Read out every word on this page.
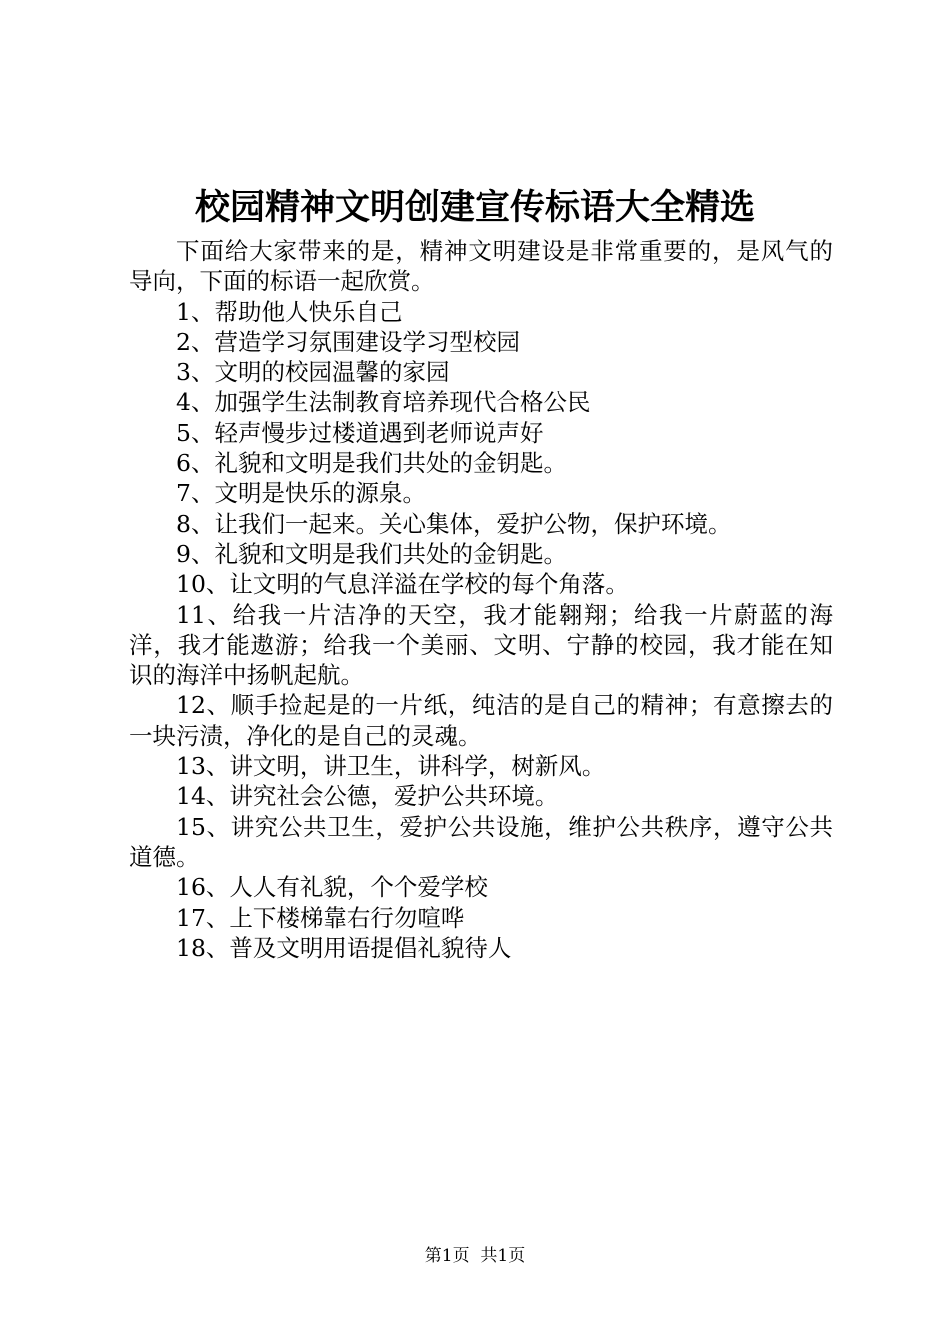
校园精神文明创建宣传标语大全精选

下面给大家带来的是，精神文明建设是非常重要的，是风气的导向，下面的标语一起欣赏。

1、帮助他人快乐自己

2、营造学习氛围建设学习型校园

3、文明的校园温馨的家园

4、加强学生法制教育培养现代合格公民

5、轻声慢步过楼道遇到老师说声好

6、礼貌和文明是我们共处的金钥匙。

7、文明是快乐的源泉。

8、让我们一起来。关心集体，爱护公物，保护环境。

9、礼貌和文明是我们共处的金钥匙。

10、让文明的气息洋溢在学校的每个角落。

11、给我一片洁净的天空，我才能翱翔；给我一片蔚蓝的海洋，我才能遨游；给我一个美丽、文明、宁静的校园，我才能在知识的海洋中扬帆起航。

12、顺手捡起是的一片纸，纯洁的是自己的精神；有意擦去的一块污渍，净化的是自己的灵魂。

13、讲文明，讲卫生，讲科学，树新风。

14、讲究社会公德，爱护公共环境。

15、讲究公共卫生，爱护公共设施，维护公共秩序，遵守公共道德。

16、人人有礼貌，个个爱学校

17、上下楼梯靠右行勿喧哗

18、普及文明用语提倡礼貌待人

第1页 共1页
